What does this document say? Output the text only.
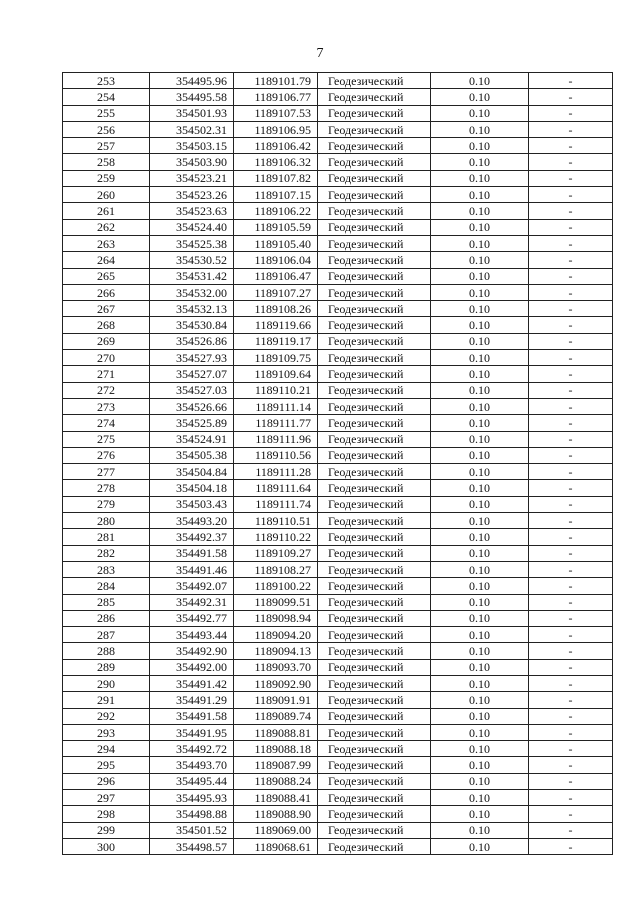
7
253	354495.96	1189101.79	Геодезический	0.10	-
254	354495.58	1189106.77	Геодезический	0.10	-
255	354501.93	1189107.53	Геодезический	0.10	-
256	354502.31	1189106.95	Геодезический	0.10	-
257	354503.15	1189106.42	Геодезический	0.10	-
258	354503.90	1189106.32	Геодезический	0.10	-
259	354523.21	1189107.82	Геодезический	0.10	-
260	354523.26	1189107.15	Геодезический	0.10	-
261	354523.63	1189106.22	Геодезический	0.10	-
262	354524.40	1189105.59	Геодезический	0.10	-
263	354525.38	1189105.40	Геодезический	0.10	-
264	354530.52	1189106.04	Геодезический	0.10	-
265	354531.42	1189106.47	Геодезический	0.10	-
266	354532.00	1189107.27	Геодезический	0.10	-
267	354532.13	1189108.26	Геодезический	0.10	-
268	354530.84	1189119.66	Геодезический	0.10	-
269	354526.86	1189119.17	Геодезический	0.10	-
270	354527.93	1189109.75	Геодезический	0.10	-
271	354527.07	1189109.64	Геодезический	0.10	-
272	354527.03	1189110.21	Геодезический	0.10	-
273	354526.66	1189111.14	Геодезический	0.10	-
274	354525.89	1189111.77	Геодезический	0.10	-
275	354524.91	1189111.96	Геодезический	0.10	-
276	354505.38	1189110.56	Геодезический	0.10	-
277	354504.84	1189111.28	Геодезический	0.10	-
278	354504.18	1189111.64	Геодезический	0.10	-
279	354503.43	1189111.74	Геодезический	0.10	-
280	354493.20	1189110.51	Геодезический	0.10	-
281	354492.37	1189110.22	Геодезический	0.10	-
282	354491.58	1189109.27	Геодезический	0.10	-
283	354491.46	1189108.27	Геодезический	0.10	-
284	354492.07	1189100.22	Геодезический	0.10	-
285	354492.31	1189099.51	Геодезический	0.10	-
286	354492.77	1189098.94	Геодезический	0.10	-
287	354493.44	1189094.20	Геодезический	0.10	-
288	354492.90	1189094.13	Геодезический	0.10	-
289	354492.00	1189093.70	Геодезический	0.10	-
290	354491.42	1189092.90	Геодезический	0.10	-
291	354491.29	1189091.91	Геодезический	0.10	-
292	354491.58	1189089.74	Геодезический	0.10	-
293	354491.95	1189088.81	Геодезический	0.10	-
294	354492.72	1189088.18	Геодезический	0.10	-
295	354493.70	1189087.99	Геодезический	0.10	-
296	354495.44	1189088.24	Геодезический	0.10	-
297	354495.93	1189088.41	Геодезический	0.10	-
298	354498.88	1189088.90	Геодезический	0.10	-
299	354501.52	1189069.00	Геодезический	0.10	-
300	354498.57	1189068.61	Геодезический	0.10	-
